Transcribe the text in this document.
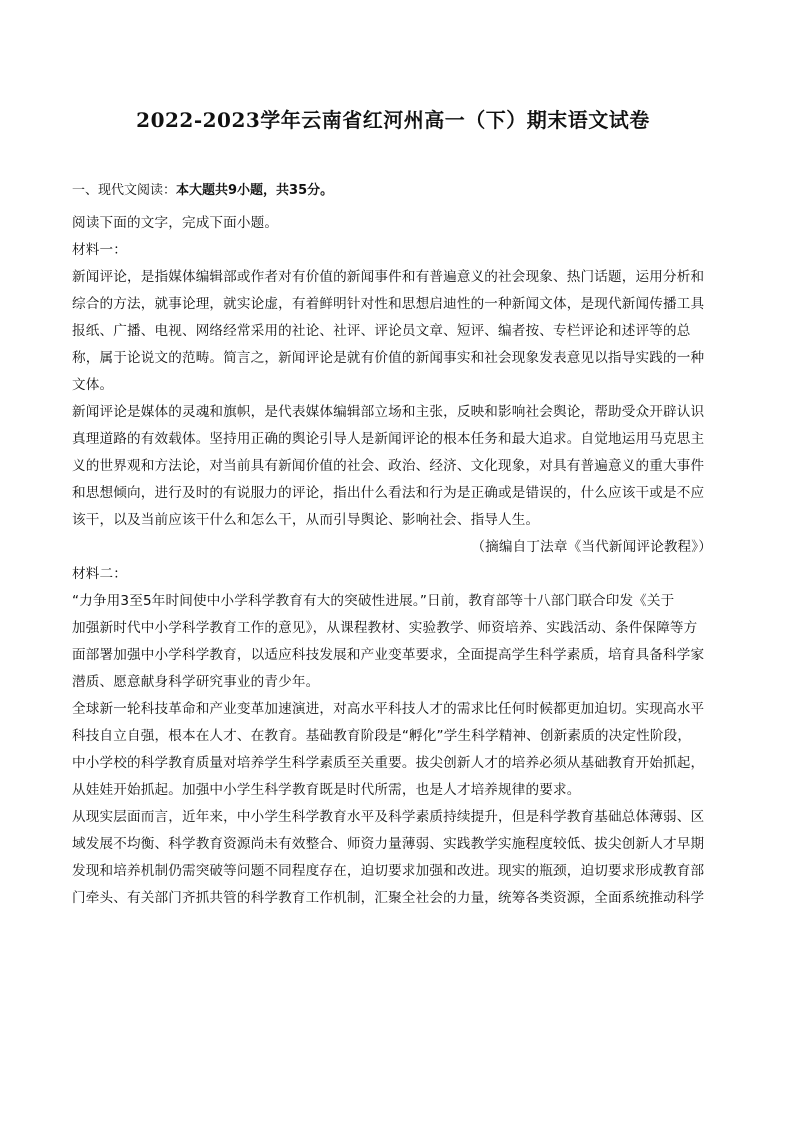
2022-2023学年云南省红河州高一（下）期末语文试卷

一、现代文阅读：本大题共9小题，共35分。

阅读下面的文字，完成下面小题。

材料一：

新闻评论，是指媒体编辑部或作者对有价值的新闻事件和有普遍意义的社会现象、热门话题，运用分析和

综合的方法，就事论理，就实论虚，有着鲜明针对性和思想启迪性的一种新闻文体，是现代新闻传播工具

报纸、广播、电视、网络经常采用的社论、社评、评论员文章、短评、编者按、专栏评论和述评等的总

称，属于论说文的范畴。简言之，新闻评论是就有价值的新闻事实和社会现象发表意见以指导实践的一种

文体。

新闻评论是媒体的灵魂和旗帜，是代表媒体编辑部立场和主张，反映和影响社会舆论，帮助受众开辟认识

真理道路的有效载体。坚持用正确的舆论引导人是新闻评论的根本任务和最大追求。自觉地运用马克思主

义的世界观和方法论，对当前具有新闻价值的社会、政治、经济、文化现象，对具有普遍意义的重大事件

和思想倾向，进行及时的有说服力的评论，指出什么看法和行为是正确或是错误的，什么应该干或是不应

该干，以及当前应该干什么和怎么干，从而引导舆论、影响社会、指导人生。

（摘编自丁法章《当代新闻评论教程》）

材料二：

“力争用3至5年时间使中小学科学教育有大的突破性进展。”日前，教育部等十八部门联合印发《关于

加强新时代中小学科学教育工作的意见》，从课程教材、实验教学、师资培养、实践活动、条件保障等方

面部署加强中小学科学教育，以适应科技发展和产业变革要求，全面提高学生科学素质，培育具备科学家

潜质、愿意献身科学研究事业的青少年。

全球新一轮科技革命和产业变革加速演进，对高水平科技人才的需求比任何时候都更加迫切。实现高水平

科技自立自强，根本在人才、在教育。基础教育阶段是“孵化”学生科学精神、创新素质的决定性阶段，

中小学校的科学教育质量对培养学生科学素质至关重要。拔尖创新人才的培养必须从基础教育开始抓起，

从娃娃开始抓起。加强中小学生科学教育既是时代所需，也是人才培养规律的要求。

从现实层面而言，近年来，中小学生科学教育水平及科学素质持续提升，但是科学教育基础总体薄弱、区

域发展不均衡、科学教育资源尚未有效整合、师资力量薄弱、实践教学实施程度较低、拔尖创新人才早期

发现和培养机制仍需突破等问题不同程度存在，迫切要求加强和改进。现实的瓶颈，迫切要求形成教育部

门牵头、有关部门齐抓共管的科学教育工作机制，汇聚全社会的力量，统筹各类资源，全面系统推动科学
